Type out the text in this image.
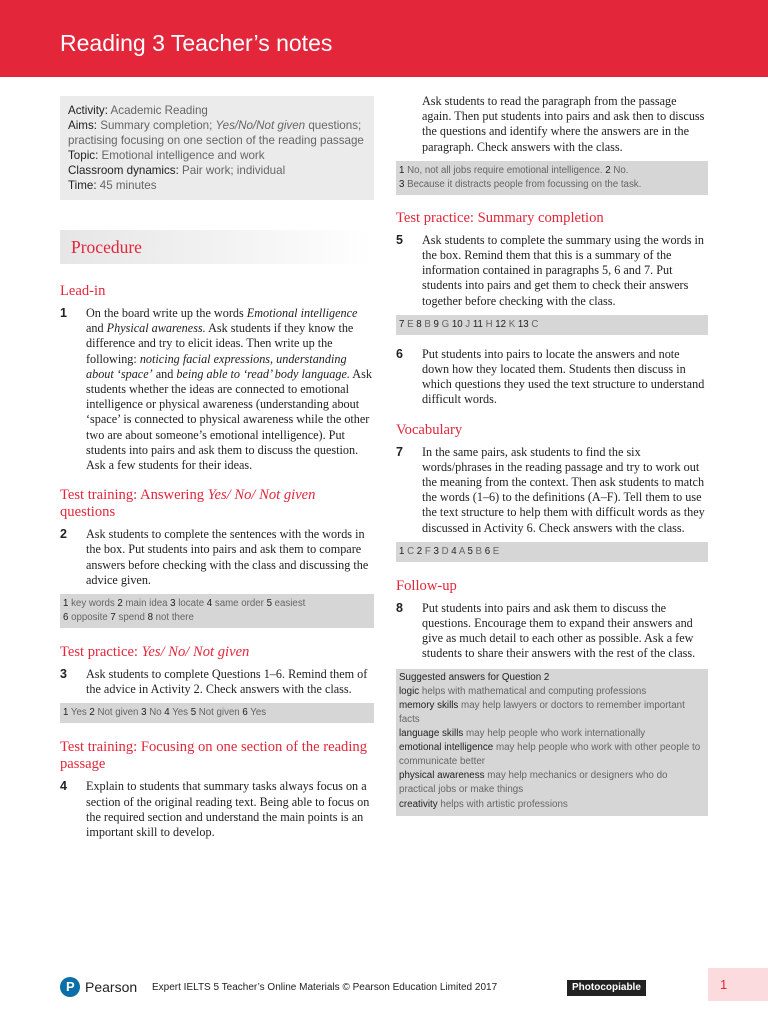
Reading 3 Teacher’s notes
Activity: Academic Reading
Aims: Summary completion; Yes/No/Not given questions; practising focusing on one section of the reading passage
Topic: Emotional intelligence and work
Classroom dynamics: Pair work; individual
Time: 45 minutes
Procedure
Lead-in
1 On the board write up the words Emotional intelligence and Physical awareness. Ask students if they know the difference and try to elicit ideas. Then write up the following: noticing facial expressions, understanding about ‘space’ and being able to ‘read’ body language. Ask students whether the ideas are connected to emotional intelligence or physical awareness (understanding about ‘space’ is connected to physical awareness while the other two are about someone’s emotional intelligence). Put students into pairs and ask them to discuss the question. Ask a few students for their ideas.
Test training: Answering Yes/ No/ Not given questions
2 Ask students to complete the sentences with the words in the box. Put students into pairs and ask them to compare answers before checking with the class and discussing the advice given.
1 key words 2 main idea 3 locate 4 same order 5 easiest
6 opposite 7 spend 8 not there
Test practice: Yes/ No/ Not given
3 Ask students to complete Questions 1–6. Remind them of the advice in Activity 2. Check answers with the class.
1 Yes 2 Not given 3 No 4 Yes 5 Not given 6 Yes
Test training: Focusing on one section of the reading passage
4 Explain to students that summary tasks always focus on a section of the original reading text. Being able to focus on the required section and understand the main points is an important skill to develop.
Ask students to read the paragraph from the passage again. Then put students into pairs and ask then to discuss the questions and identify where the answers are in the paragraph. Check answers with the class.
1 No, not all jobs require emotional intelligence. 2 No.
3 Because it distracts people from focussing on the task.
Test practice: Summary completion
5 Ask students to complete the summary using the words in the box. Remind them that this is a summary of the information contained in paragraphs 5, 6 and 7. Put students into pairs and get them to check their answers together before checking with the class.
7 E 8 B 9 G 10 J 11 H 12 K 13 C
6 Put students into pairs to locate the answers and note down how they located them. Students then discuss in which questions they used the text structure to understand difficult words.
Vocabulary
7 In the same pairs, ask students to find the six words/phrases in the reading passage and try to work out the meaning from the context. Then ask students to match the words (1–6) to the definitions (A–F). Tell them to use the text structure to help them with difficult words as they discussed in Activity 6. Check answers with the class.
1 C 2 F 3 D 4 A 5 B 6 E
Follow-up
8 Put students into pairs and ask them to discuss the questions. Encourage them to expand their answers and give as much detail to each other as possible. Ask a few students to share their answers with the rest of the class.
Suggested answers for Question 2
logic helps with mathematical and computing professions
memory skills may help lawyers or doctors to remember important facts
language skills may help people who work internationally
emotional intelligence may help people who work with other people to communicate better
physical awareness may help mechanics or designers who do practical jobs or make things
creativity helps with artistic professions
P Pearson Expert IELTS 5 Teacher’s Online Materials © Pearson Education Limited 2017	Photocopiable	1
